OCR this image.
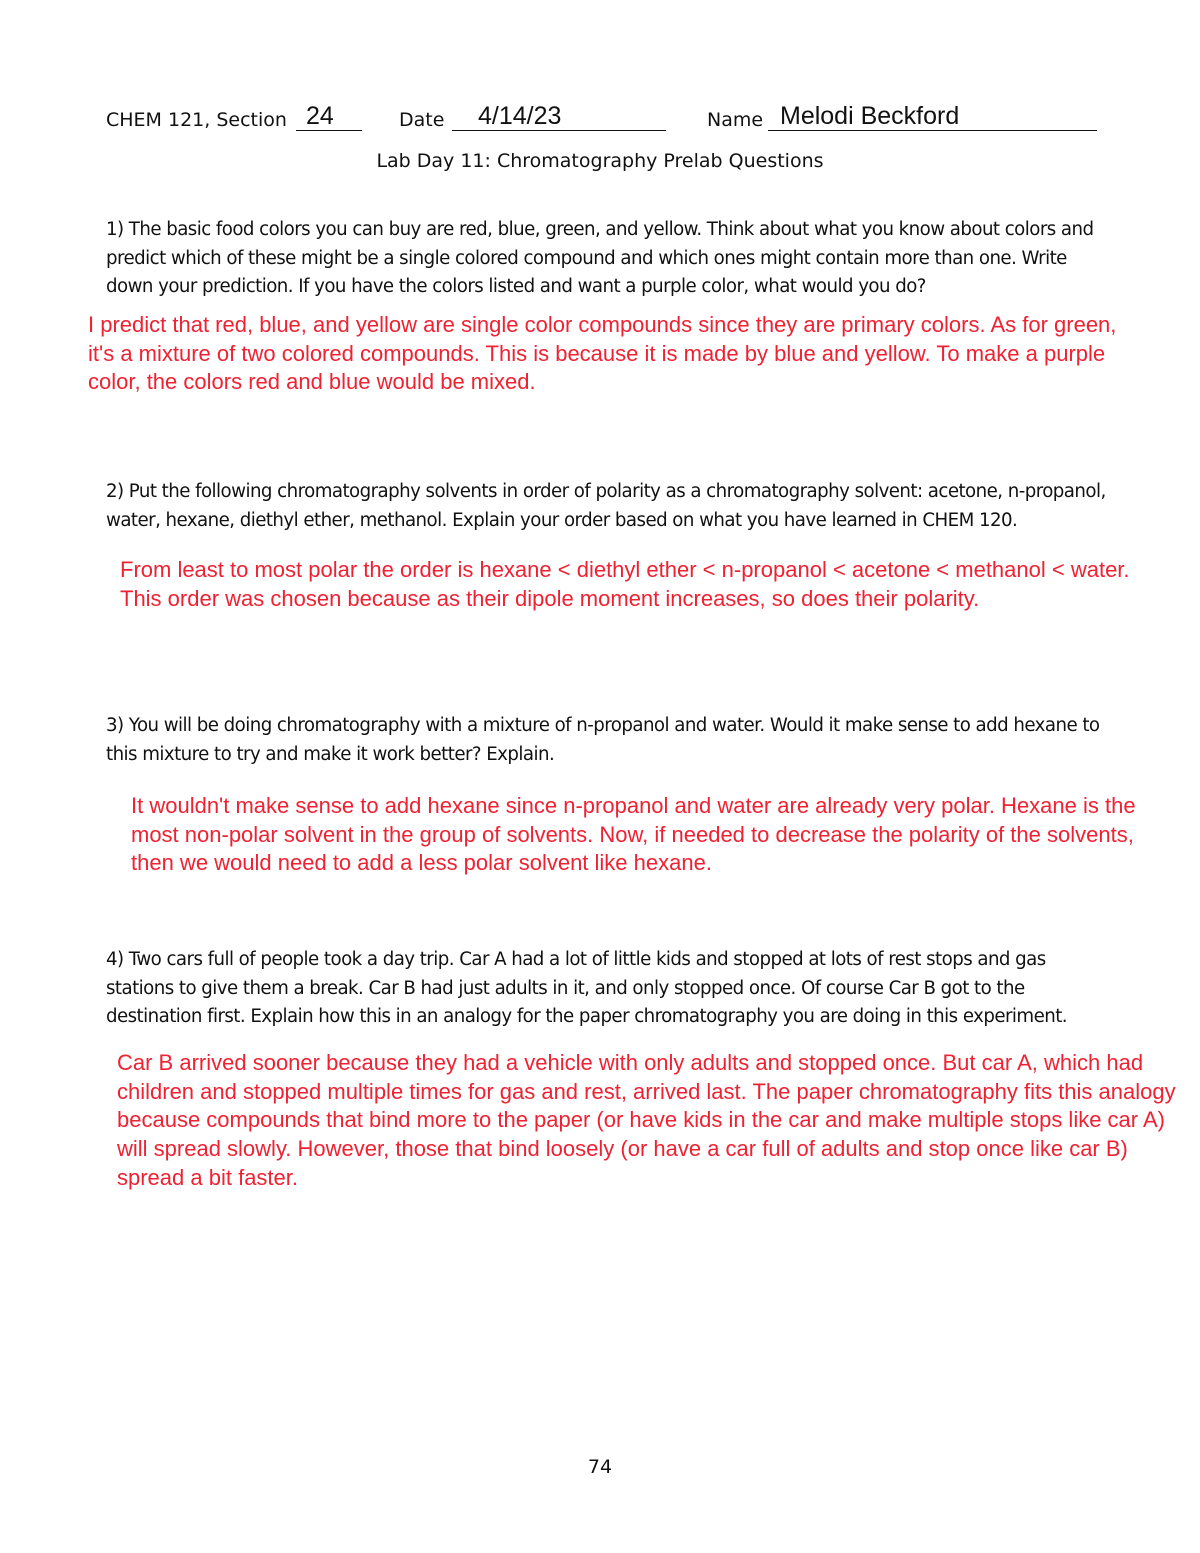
CHEM 121, Section 24	Date 4/14/23	Name Melodi Beckford
Lab Day 11: Chromatography Prelab Questions
1) The basic food colors you can buy are red, blue, green, and yellow. Think about what you know about colors and predict which of these might be a single colored compound and which ones might contain more than one. Write down your prediction. If you have the colors listed and want a purple color, what would you do?
I predict that red, blue, and yellow are single color compounds since they are primary colors. As for green, it's a mixture of two colored compounds. This is because it is made by blue and yellow. To make a purple color, the colors red and blue would be mixed.
2) Put the following chromatography solvents in order of polarity as a chromatography solvent: acetone, n-propanol, water, hexane, diethyl ether, methanol. Explain your order based on what you have learned in CHEM 120.
From least to most polar the order is hexane < diethyl ether < n-propanol < acetone < methanol < water. This order was chosen because as their dipole moment increases, so does their polarity.
3) You will be doing chromatography with a mixture of n-propanol and water. Would it make sense to add hexane to this mixture to try and make it work better? Explain.
It wouldn't make sense to add hexane since n-propanol and water are already very polar. Hexane is the most non-polar solvent in the group of solvents. Now, if needed to decrease the polarity of the solvents, then we would need to add a less polar solvent like hexane.
4) Two cars full of people took a day trip. Car A had a lot of little kids and stopped at lots of rest stops and gas stations to give them a break. Car B had just adults in it, and only stopped once. Of course Car B got to the destination first. Explain how this in an analogy for the paper chromatography you are doing in this experiment.
Car B arrived sooner because they had a vehicle with only adults and stopped once. But car A, which had children and stopped multiple times for gas and rest, arrived last. The paper chromatography fits this analogy because compounds that bind more to the paper (or have kids in the car and make multiple stops like car A) will spread slowly. However, those that bind loosely (or have a car full of adults and stop once like car B) spread a bit faster.
74
